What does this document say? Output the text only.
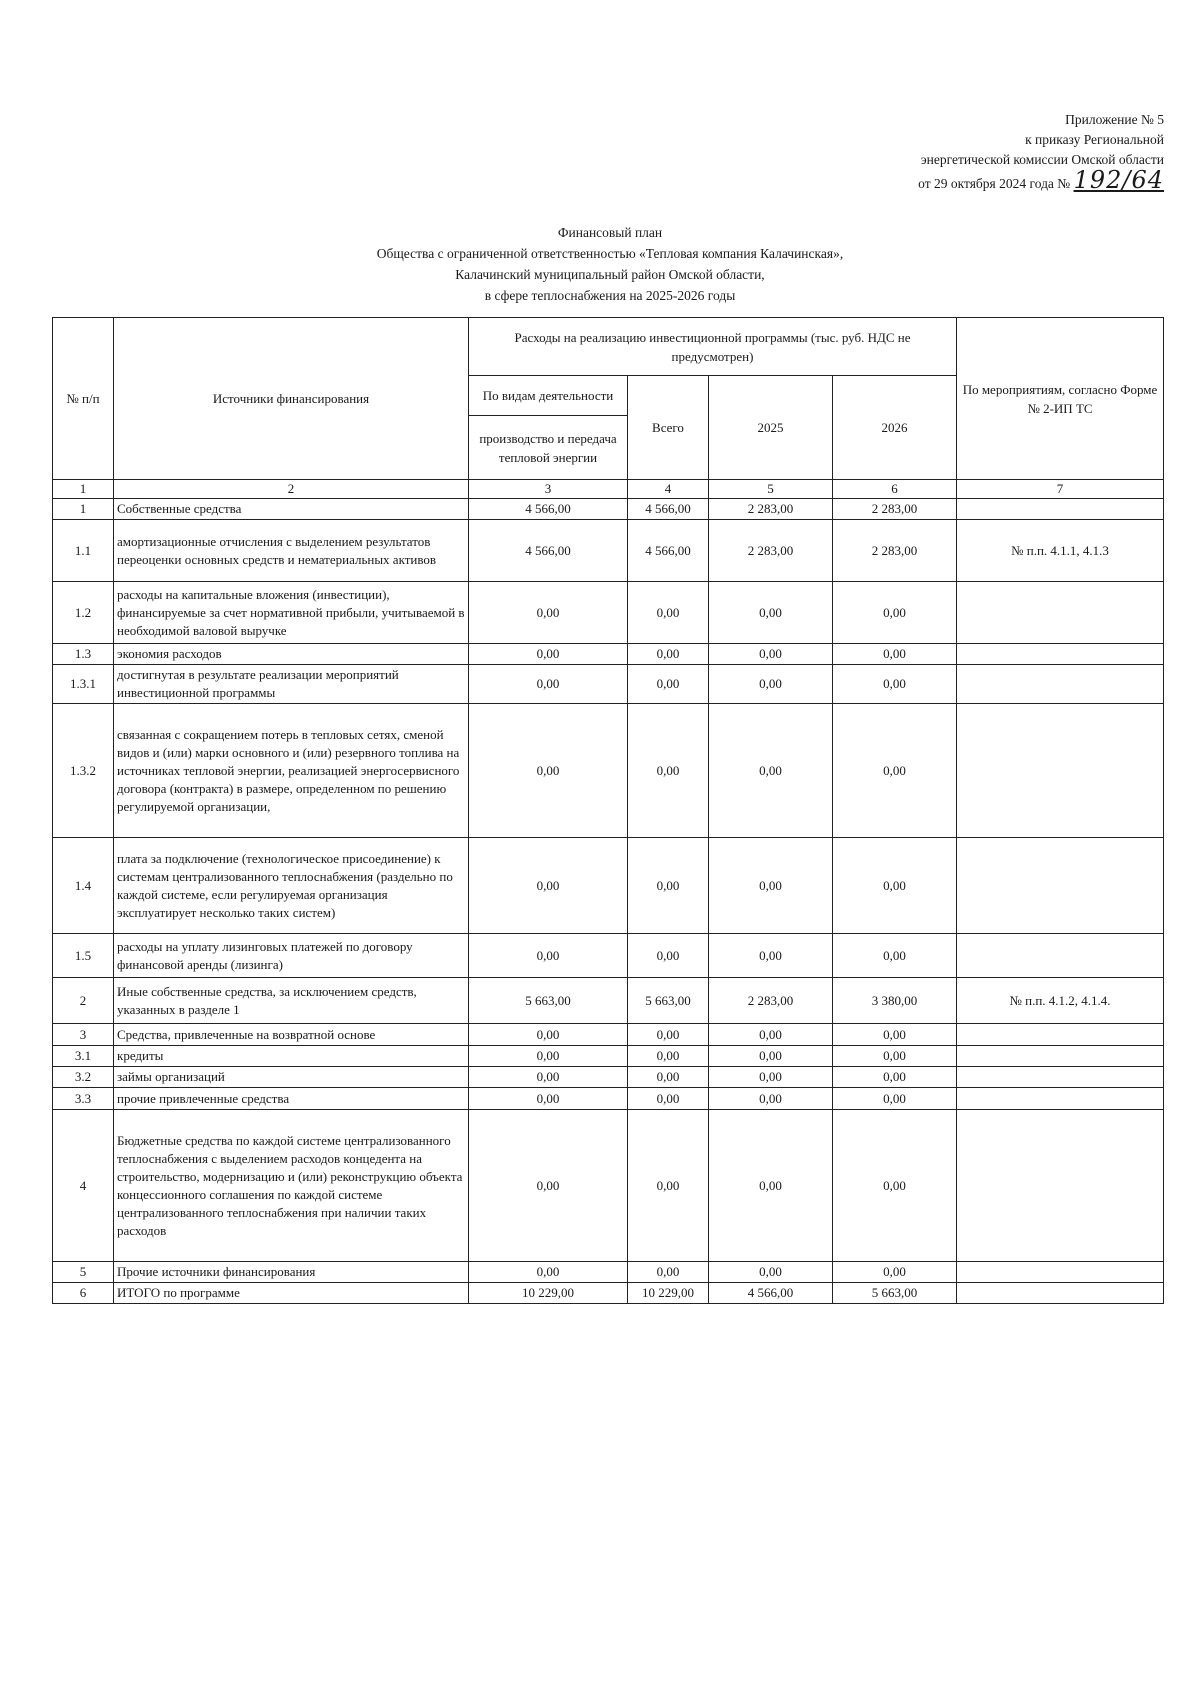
Приложение № 5
к приказу Региональной
энергетической комиссии Омской области
от 29 октября 2024 года № 192/64
Финансовый план
Общества с ограниченной ответственностью «Тепловая компания Калачинская»,
Калачинский муниципальный район Омской области,
в сфере теплоснабжения на 2025-2026 годы
№ п/п	Источники финансирования	Расходы на реализацию инвестиционной программы (тыс. руб. НДС не предусмотрен)				По мероприятиям, согласно Форме № 2-ИП ТС
		По видам деятельности	Всего	2025	2026	
		производство и передача тепловой энергии				
1	2	3	4	5	6	7
1	Собственные средства	4 566,00	4 566,00	2 283,00	2 283,00	
1.1	амортизационные отчисления с выделением результатов переоценки основных средств и нематериальных активов	4 566,00	4 566,00	2 283,00	2 283,00	№ п.п. 4.1.1, 4.1.3
1.2	расходы на капитальные вложения (инвестиции), финансируемые за счет нормативной прибыли, учитываемой в необходимой валовой выручке	0,00	0,00	0,00	0,00	
1.3	экономия расходов	0,00	0,00	0,00	0,00	
1.3.1	достигнутая в результате реализации мероприятий инвестиционной программы	0,00	0,00	0,00	0,00	
1.3.2	связанная с сокращением потерь в тепловых сетях, сменой видов и (или) марки основного и (или) резервного топлива на источниках тепловой энергии, реализацией энергосервисного договора (контракта) в размере, определенном по решению регулируемой организации,	0,00	0,00	0,00	0,00	
1.4	плата за подключение (технологическое присоединение) к системам централизованного теплоснабжения (раздельно по каждой системе, если регулируемая организация эксплуатирует несколько таких систем)	0,00	0,00	0,00	0,00	
1.5	расходы на уплату лизинговых платежей по договору финансовой аренды (лизинга)	0,00	0,00	0,00	0,00	
2	Иные собственные средства, за исключением средств, указанных в разделе 1	5 663,00	5 663,00	2 283,00	3 380,00	№ п.п. 4.1.2, 4.1.4.
3	Средства, привлеченные на возвратной основе	0,00	0,00	0,00	0,00	
3.1	кредиты	0,00	0,00	0,00	0,00	
3.2	займы организаций	0,00	0,00	0,00	0,00	
3.3	прочие привлеченные средства	0,00	0,00	0,00	0,00	
4	Бюджетные средства по каждой системе централизованного теплоснабжения с выделением расходов концедента на строительство, модернизацию и (или) реконструкцию объекта концессионного соглашения по каждой системе централизованного теплоснабжения при наличии таких расходов	0,00	0,00	0,00	0,00	
5	Прочие источники финансирования	0,00	0,00	0,00	0,00	
6	ИТОГО по программе	10 229,00	10 229,00	4 566,00	5 663,00	
